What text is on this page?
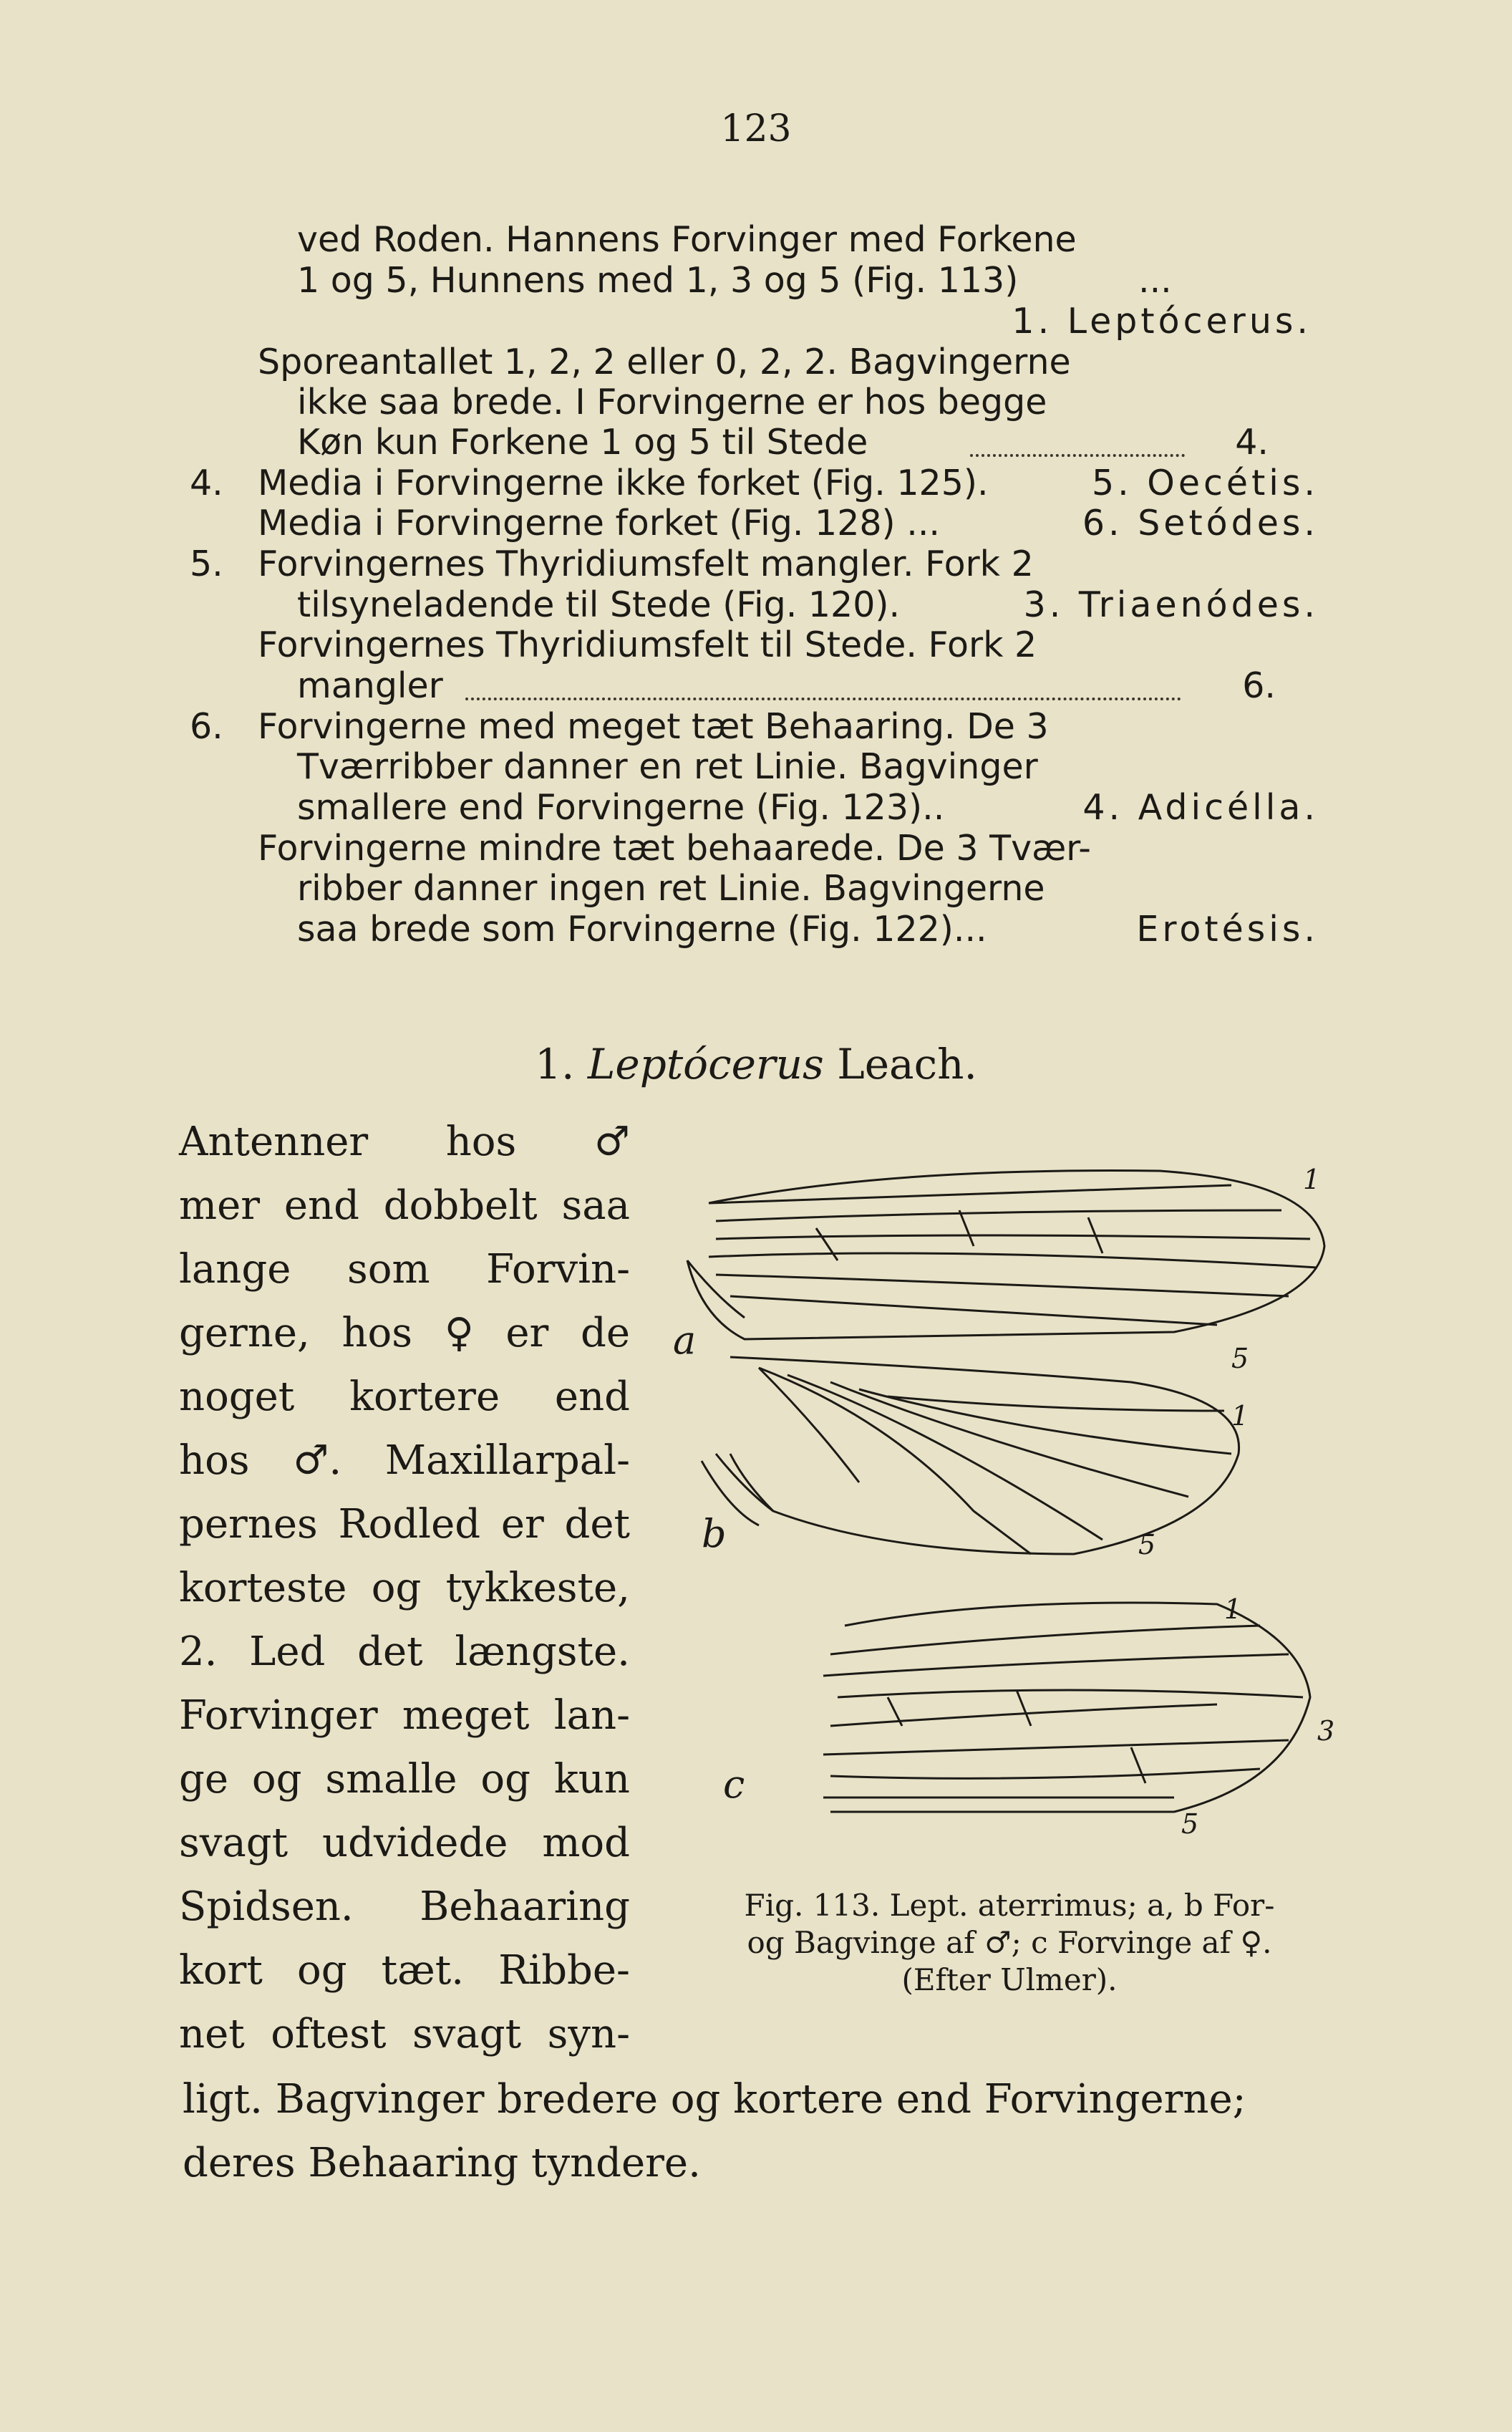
123
ved Roden. Hannens Forvinger med Forkene
1 og 5, Hunnens med 1, 3 og 5 (Fig. 113)	...
1. Leptócerus.
Sporeantallet 1, 2, 2 eller 0, 2, 2. Bagvingerne
ikke saa brede. I Forvingerne er hos begge
Køn kun Forkene 1 og 5 til Stede	4.
4. Media i Forvingerne ikke forket (Fig. 125).	5. Oecétis.
Media i Forvingerne forket (Fig. 128) ...	6. Setódes.
5. Forvingernes Thyridiumsfelt mangler. Fork 2
tilsyneladende til Stede (Fig. 120).	3. Triaenódes.
Forvingernes Thyridiumsfelt til Stede. Fork 2
mangler	6.
6. Forvingerne med meget tæt Behaaring. De 3
Tværribber danner en ret Linie. Bagvinger
smallere end Forvingerne (Fig. 123)..	4. Adicélla.
Forvingerne mindre tæt behaarede. De 3 Tvær-
ribber danner ingen ret Linie. Bagvingerne
saa brede som Forvingerne (Fig. 122)...	Erotésis.
1. Leptócerus Leach.
Antenner hos ♂
mer end dobbelt saa
lange som Forvin-
gerne, hos ♀ er de
noget kortere end
hos ♂. Maxillarpal-
pernes Rodled er det
korteste og tykkeste,
2. Led det længste.
Forvinger meget lan-
ge og smalle og kun
svagt udvidede mod
Spidsen. Behaaring
kort og tæt. Ribbe-
net oftest svagt syn-
ligt. Bagvinger bredere og kortere end Forvingerne;
deres Behaaring tyndere.
a
b
c
1
5
1
5
1
3
5
Fig. 113. Lept. aterrimus; a, b For-
og Bagvinge af ♂; c Forvinge af ♀.
(Efter Ulmer).
